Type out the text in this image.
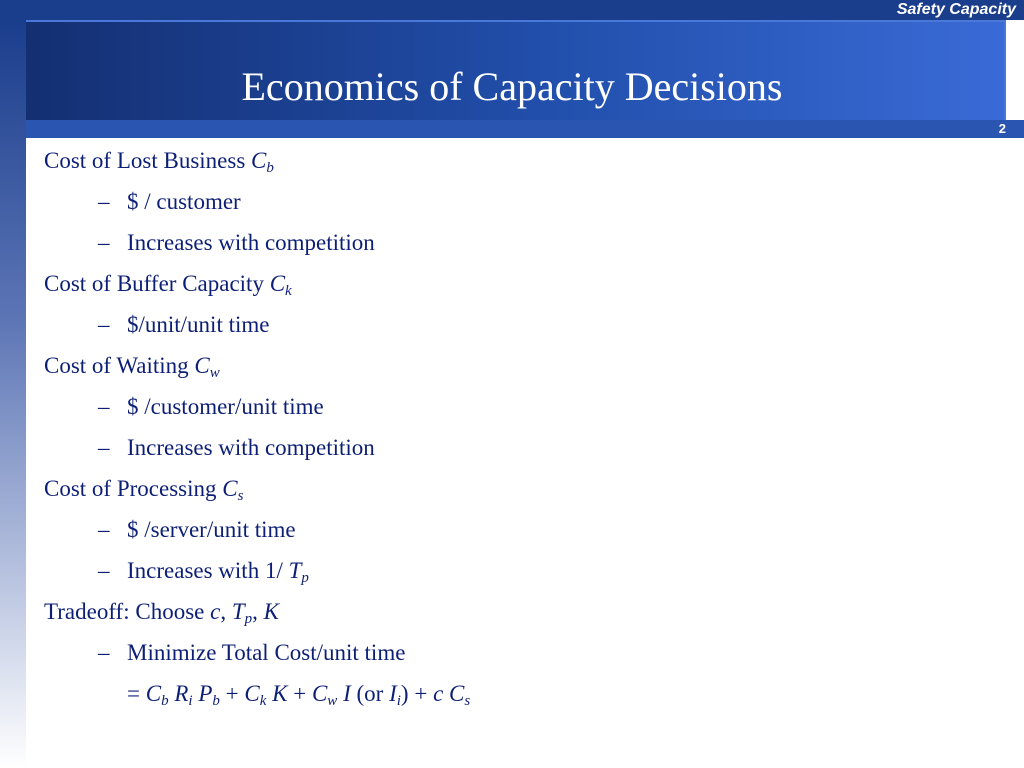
Safety Capacity
Economics of Capacity Decisions
2
Cost of Lost Business $C_b$
– $ / customer
– Increases with competition
Cost of Buffer Capacity $C_k$
– $/unit/unit time
Cost of Waiting $C_w$
– $ /customer/unit time
– Increases with competition
Cost of Processing $C_s$
– $ /server/unit time
– Increases with 1/ $T_p$
Tradeoff: Choose c, $T_p$, K
– Minimize Total Cost/unit time
= $C_b$ $R_i$ $P_b + C_k$ $K + C_w$ I (or $I_i) + c$ $C_s$
